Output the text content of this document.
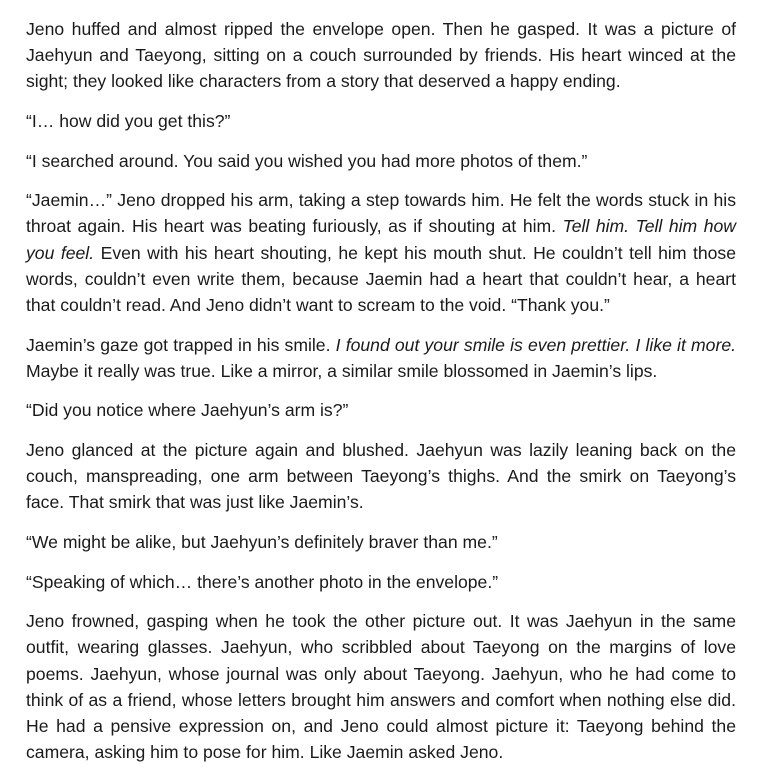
Jeno huffed and almost ripped the envelope open. Then he gasped. It was a picture of Jaehyun and Taeyong, sitting on a couch surrounded by friends. His heart winced at the sight; they looked like characters from a story that deserved a happy ending.

“I… how did you get this?”

“I searched around. You said you wished you had more photos of them.”

“Jaemin…” Jeno dropped his arm, taking a step towards him. He felt the words stuck in his throat again. His heart was beating furiously, as if shouting at him. Tell him. Tell him how you feel. Even with his heart shouting, he kept his mouth shut. He couldn’t tell him those words, couldn’t even write them, because Jaemin had a heart that couldn’t hear, a heart that couldn’t read. And Jeno didn’t want to scream to the void. “Thank you.”

Jaemin’s gaze got trapped in his smile. I found out your smile is even prettier. I like it more. Maybe it really was true. Like a mirror, a similar smile blossomed in Jaemin’s lips.

“Did you notice where Jaehyun’s arm is?”

Jeno glanced at the picture again and blushed. Jaehyun was lazily leaning back on the couch, manspreading, one arm between Taeyong’s thighs. And the smirk on Taeyong’s face. That smirk that was just like Jaemin’s.

“We might be alike, but Jaehyun’s definitely braver than me.”

“Speaking of which… there’s another photo in the envelope.”

Jeno frowned, gasping when he took the other picture out. It was Jaehyun in the same outfit, wearing glasses. Jaehyun, who scribbled about Taeyong on the margins of love poems. Jaehyun, whose journal was only about Taeyong. Jaehyun, who he had come to think of as a friend, whose letters brought him answers and comfort when nothing else did. He had a pensive expression on, and Jeno could almost picture it: Taeyong behind the camera, asking him to pose for him. Like Jaemin asked Jeno.
